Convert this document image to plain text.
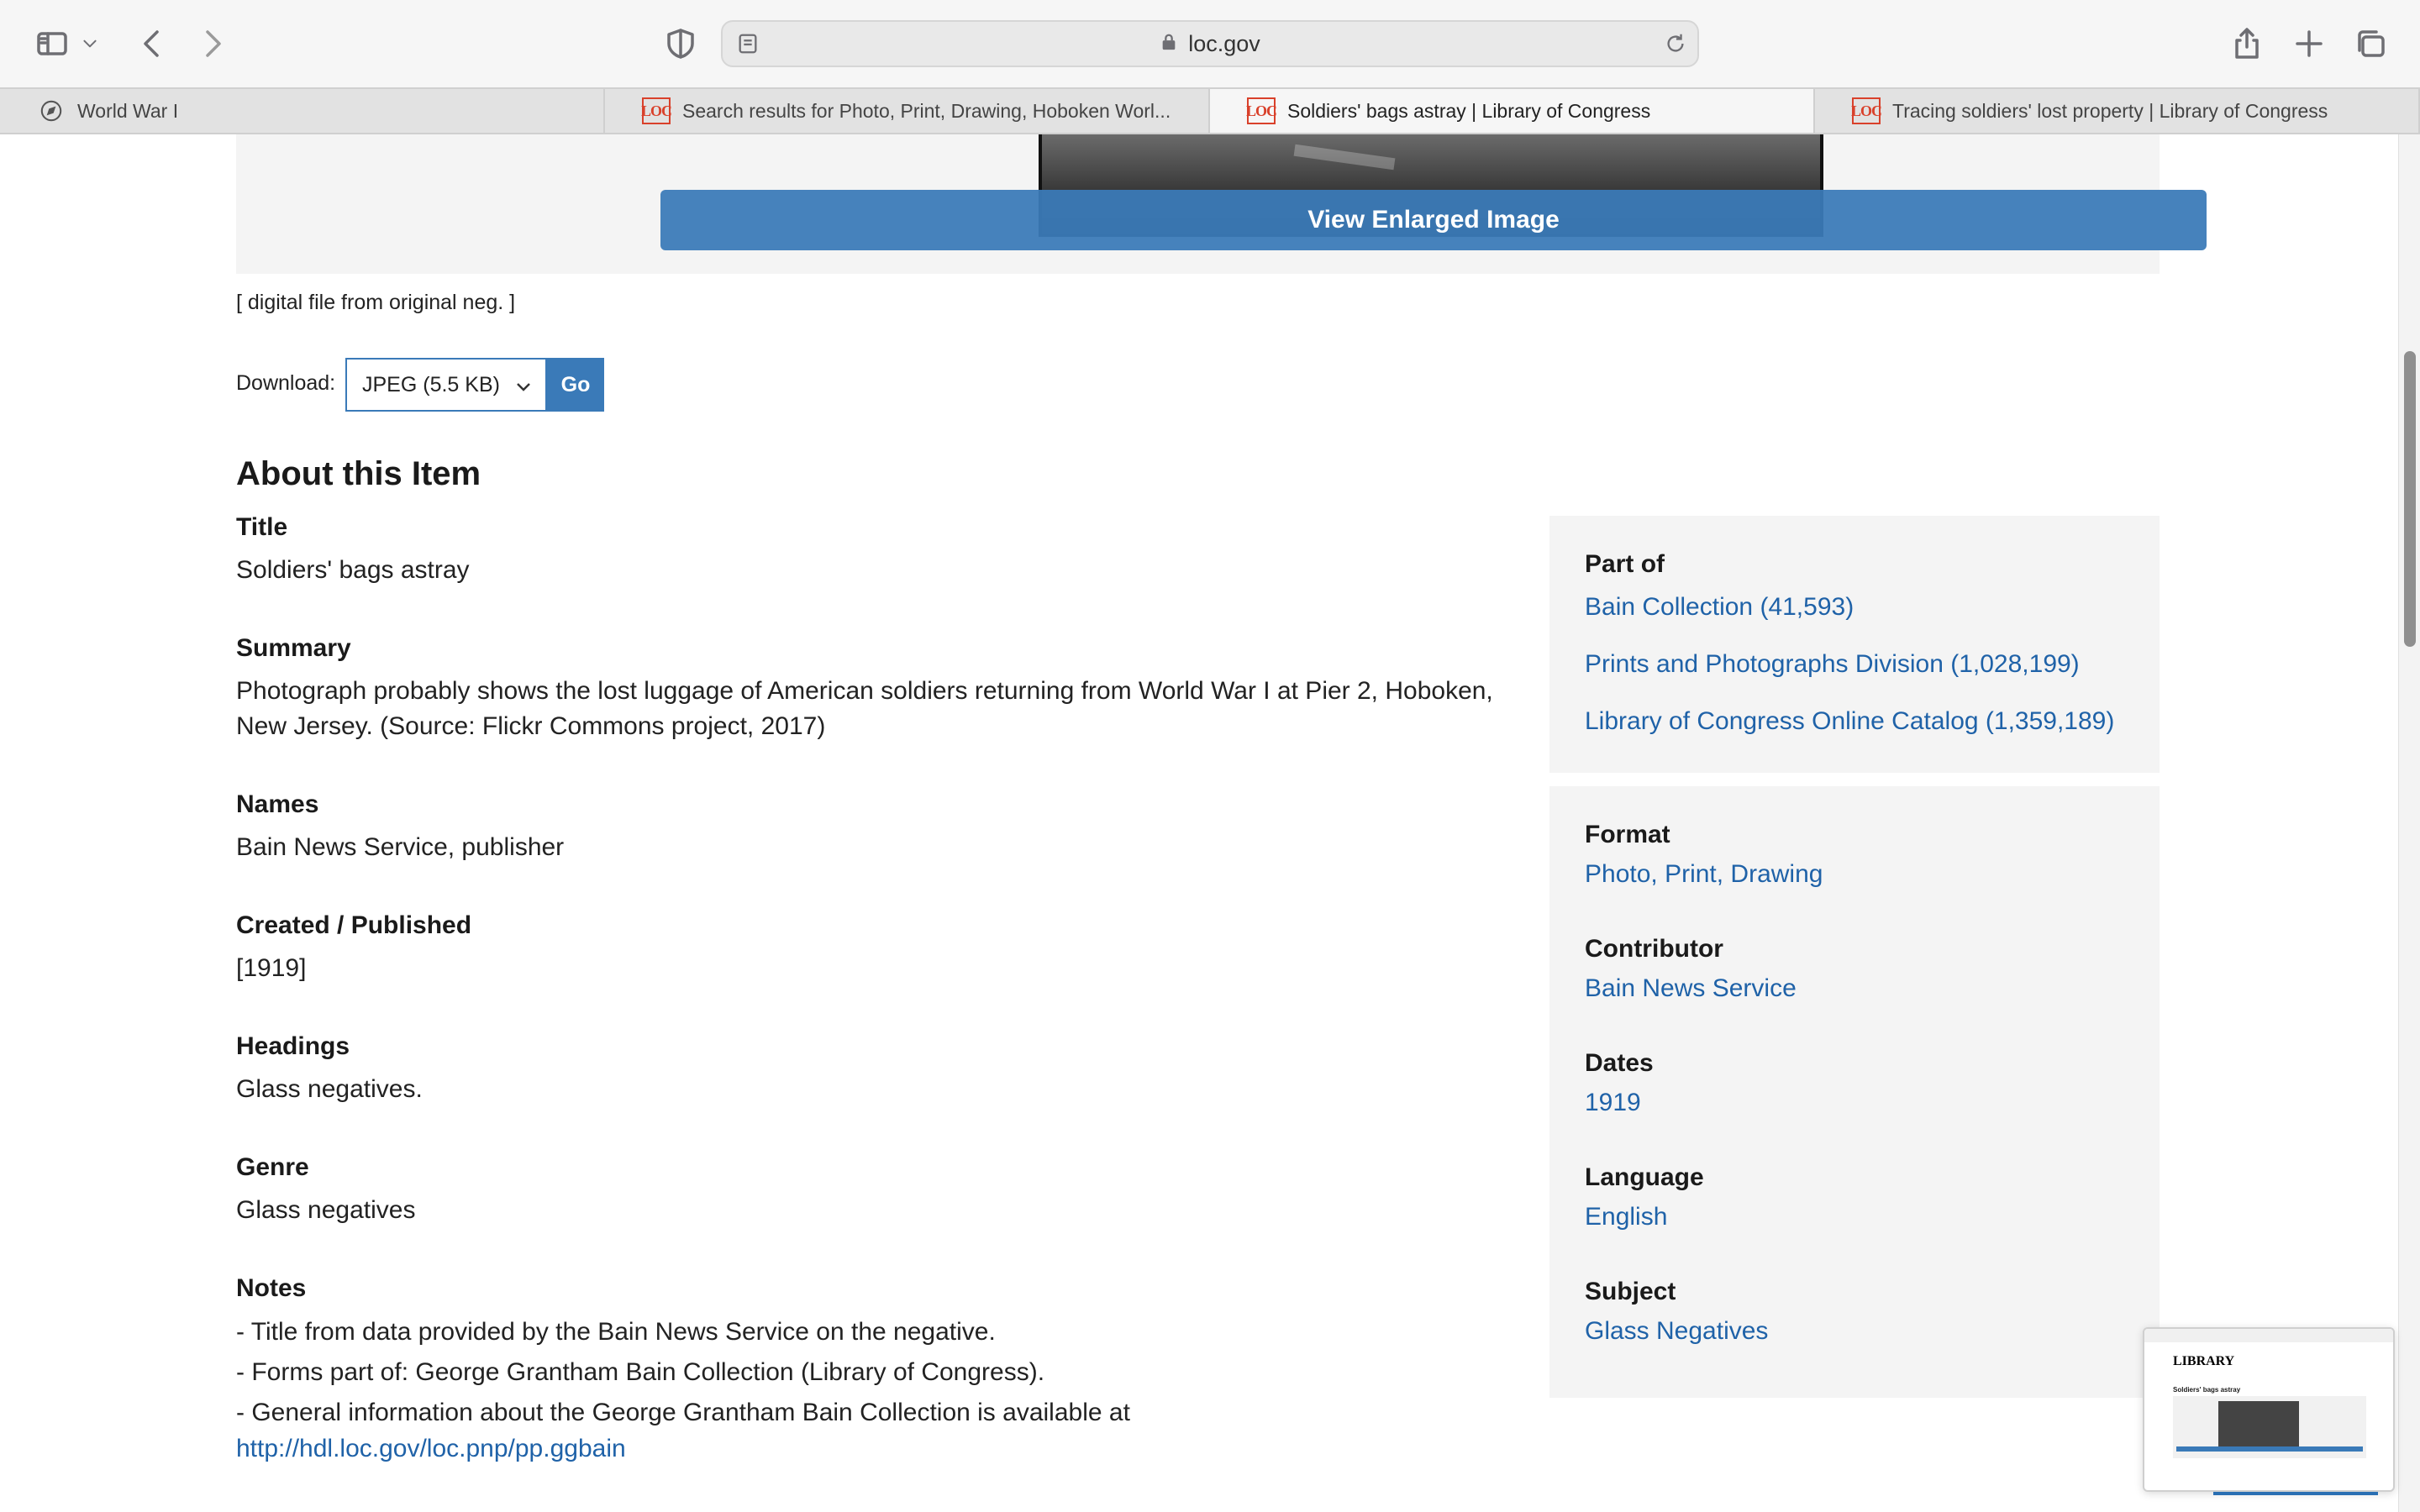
loc.gov
World War I	LOC Search results for Photo, Print, Drawing, Hoboken Worl...	LOC Soldiers' bags astray | Library of Congress	LOC Tracing soldiers' lost property | Library of Congress
View Enlarged Image
[ digital file from original neg. ]
Download: JPEG (5.5 KB)	Go
About this Item
Title
Soldiers' bags astray
Summary
Photograph probably shows the lost luggage of American soldiers returning from World War I at Pier 2, Hoboken,
New Jersey. (Source: Flickr Commons project, 2017)
Names
Bain News Service, publisher
Created / Published
[1919]
Headings
Glass negatives.
Genre
Glass negatives
Notes
- Title from data provided by the Bain News Service on the negative.
- Forms part of: George Grantham Bain Collection (Library of Congress).
- General information about the George Grantham Bain Collection is available at
http://hdl.loc.gov/loc.pnp/pp.ggbain
Part of
Bain Collection (41,593)
Prints and Photographs Division (1,028,199)
Library of Congress Online Catalog (1,359,189)
Format
Photo, Print, Drawing
Contributor
Bain News Service
Dates
1919
Language
English
Subject
Glass Negatives
LIBRARY
Soldiers' bags astray
